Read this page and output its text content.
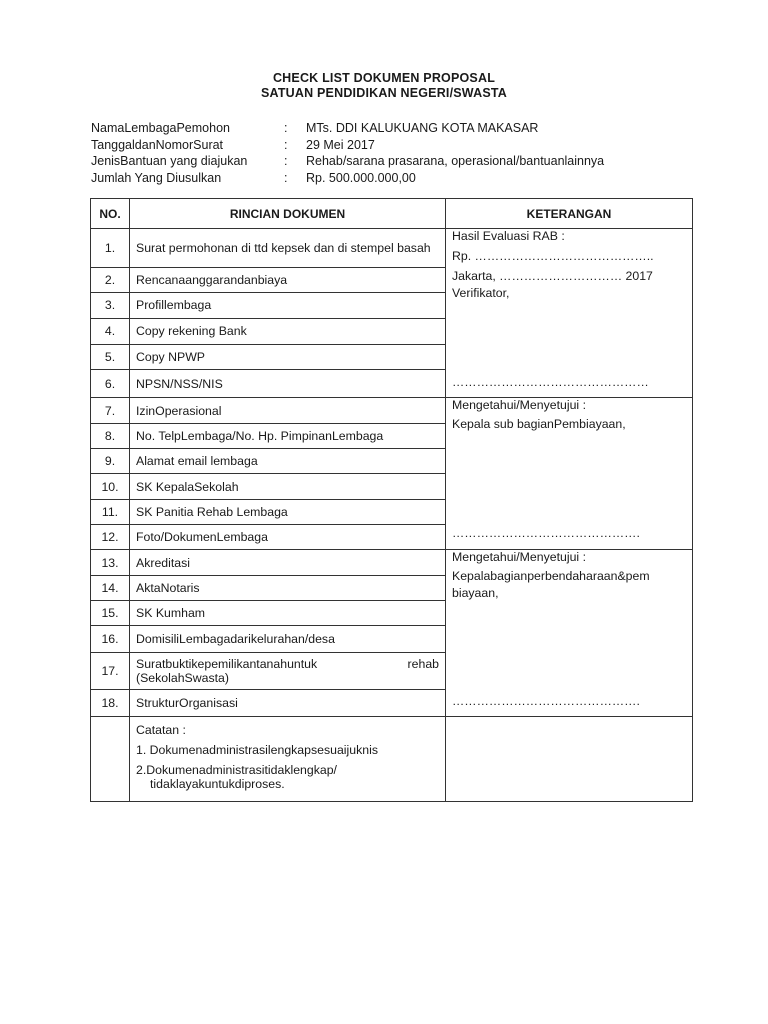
CHECK LIST DOKUMEN PROPOSAL
SATUAN PENDIDIKAN NEGERI/SWASTA
NamaLembagaPemohon	: MTs. DDI KALUKUANG KOTA MAKASAR
TanggaldanNomorSurat	: 29 Mei 2017
JenisBantuan yang diajukan	: Rehab/sarana prasarana, operasional/bantuanlainnya
Jumlah Yang Diusulkan	: Rp. 500.000.000,00
NO.	RINCIAN DOKUMEN	KETERANGAN
1.	Surat permohonan di ttd kepsek dan di stempel basah	Hasil Evaluasi RAB :
Rp. ……………………………………..
Jakarta, ………………………… 2017
Verifikator,
…………………………………………

2.	Rencanaanggarandanbiaya	
3.	Profillembaga	
4.	Copy rekening Bank	
5.	Copy NPWP	
6.	NPSN/NSS/NIS	
7.	IzinOperasional	Mengetahui/Menyetujui :
Kepala sub bagianPembiayaan,
……………………………………….

8.	No. TelpLembaga/No. Hp. PimpinanLembaga	
9.	Alamat email lembaga	
10.	SK KepalaSekolah	
11.	SK Panitia Rehab Lembaga	
12.	Foto/DokumenLembaga	
13.	Akreditasi	Mengetahui/Menyetujui :
Kepalabagianperbendaharaan&pem
biayaan,
……………………………………….

14.	AktaNotaris	
15.	SK Kumham	
16.	DomisiliLembagadarikelurahan/desa	
17.	Suratbuktikepemilikantanahuntuk rehab
(SekolahSwasta)	

18.	StrukturOrganisasi	

	Catatan :
1. Dokumenadministrasilengkapsesuaijuknis
2.Dokumenadministrasitidaklengkap/
tidaklayakuntukdiproses.	
